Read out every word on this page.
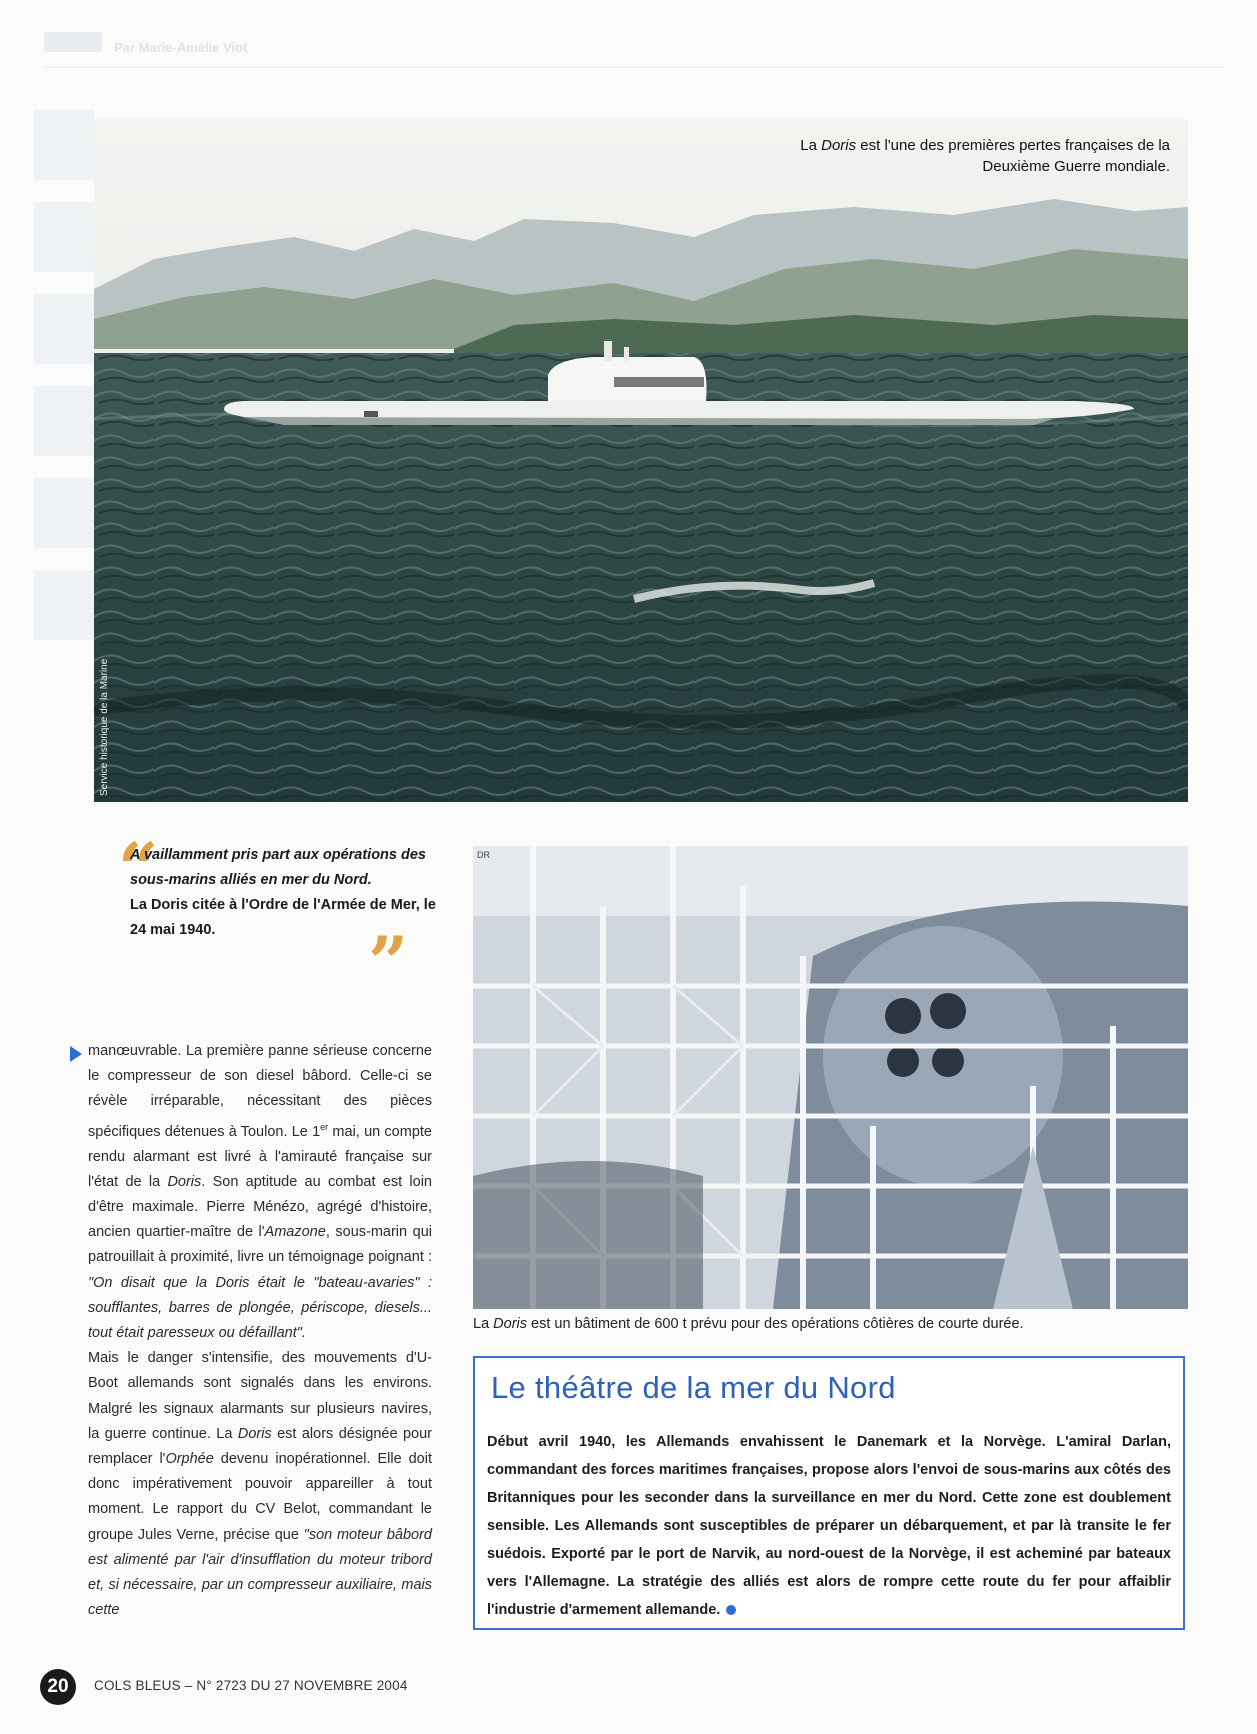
Par Marie-Amélie Viot
La Doris est l'une des premières pertes françaises de la Deuxième Guerre mondiale.
Service historique de la Marine
“

A vaillamment pris part aux opérations des sous-marins alliés en mer du Nord.
La Doris citée à l'Ordre de l'Armée de Mer, le 24 mai 1940.	”

manœuvrable. La première panne sérieuse concerne le compresseur de son diesel bâbord. Celle-ci se révèle irréparable, nécessitant des pièces spécifiques détenues à Toulon. Le 1er mai, un compte rendu alarmant est livré à l'amirauté française sur l'état de la Doris. Son aptitude au combat est loin d'être maximale. Pierre Ménézo, agrégé d'histoire, ancien quartier-maître de l'Amazone, sous-marin qui patrouillait à proximité, livre un témoignage poignant : "On disait que la Doris était le "bateau-avaries" : soufflantes, barres de plongée, périscope, diesels... tout était paresseux ou défaillant".

Mais le danger s'intensifie, des mouvements d'U-Boot allemands sont signalés dans les environs. Malgré les signaux alarmants sur plusieurs navires, la guerre continue. La Doris est alors désignée pour remplacer l'Orphée devenu inopérationnel. Elle doit donc impérativement pouvoir appareiller à tout moment. Le rapport du CV Belot, commandant le groupe Jules Verne, précise que "son moteur bâbord est alimenté par l'air d'insufflation du moteur tribord et, si nécessaire, par un compresseur auxiliaire, mais cette

DR
La Doris est un bâtiment de 600 t prévu pour des opérations côtières de courte durée.
Le théâtre de la mer du Nord

Début avril 1940, les Allemands envahissent le Danemark et la Norvège. L'amiral Darlan, commandant des forces maritimes françaises, propose alors l'envoi de sous-marins aux côtés des Britanniques pour les seconder dans la surveillance en mer du Nord. Cette zone est doublement sensible. Les Allemands sont susceptibles de préparer un débarquement, et par là transite le fer suédois. Exporté par le port de Narvik, au nord-ouest de la Norvège, il est acheminé par bateaux vers l'Allemagne. La stratégie des alliés est alors de rompre cette route du fer pour affaiblir l'industrie d'armement allemande.

20	COLS BLEUS – N° 2723 DU 27 NOVEMBRE 2004
